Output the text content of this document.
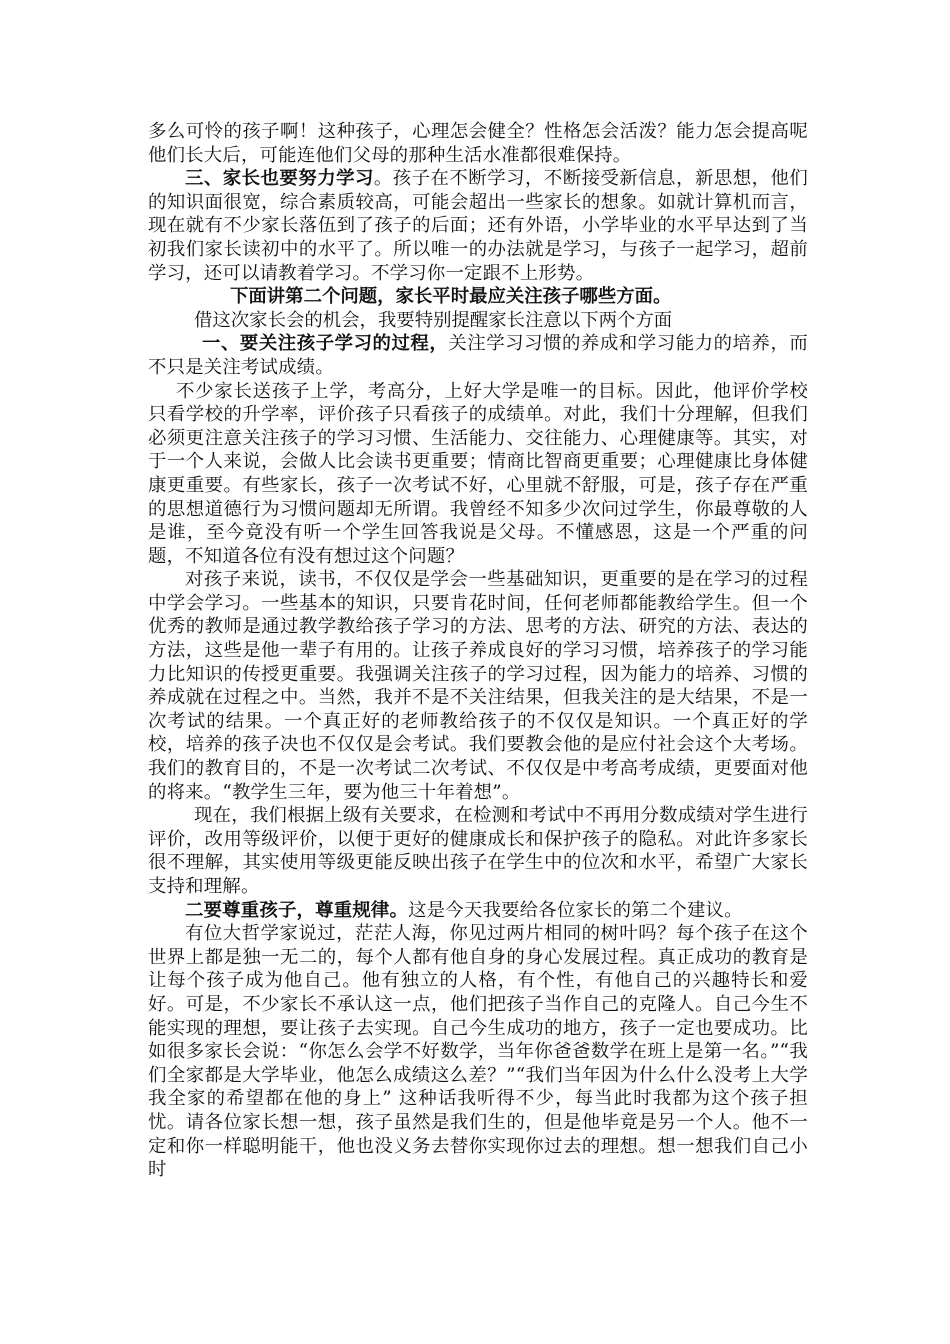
多么可怜的孩子啊！这种孩子，心理怎会健全？性格怎会活泼？能力怎会提高呢他们长大后，可能连他们父母的那种生活水准都很难保持。

三、家长也要努力学习。孩子在不断学习，不断接受新信息，新思想，他们的知识面很宽，综合素质较高，可能会超出一些家长的想象。如就计算机而言，现在就有不少家长落伍到了孩子的后面；还有外语，小学毕业的水平早达到了当初我们家长读初中的水平了。所以唯一的办法就是学习，与孩子一起学习，超前学习，还可以请教着学习。不学习你一定跟不上形势。

下面讲第二个问题，家长平时最应关注孩子哪些方面。

借这次家长会的机会，我要特别提醒家长注意以下两个方面

一、要关注孩子学习的过程，关注学习习惯的养成和学习能力的培养，而不只是关注考试成绩。

不少家长送孩子上学，考高分，上好大学是唯一的目标。因此，他评价学校只看学校的升学率，评价孩子只看孩子的成绩单。对此，我们十分理解，但我们必须更注意关注孩子的学习习惯、生活能力、交往能力、心理健康等。其实，对于一个人来说，会做人比会读书更重要；情商比智商更重要；心理健康比身体健康更重要。有些家长，孩子一次考试不好，心里就不舒服，可是，孩子存在严重的思想道德行为习惯问题却无所谓。我曾经不知多少次问过学生，你最尊敬的人是谁，至今竟没有听一个学生回答我说是父母。不懂感恩，这是一个严重的问题，不知道各位有没有想过这个问题？

对孩子来说，读书，不仅仅是学会一些基础知识，更重要的是在学习的过程中学会学习。一些基本的知识，只要肯花时间，任何老师都能教给学生。但一个优秀的教师是通过教学教给孩子学习的方法、思考的方法、研究的方法、表达的方法，这些是他一辈子有用的。让孩子养成良好的学习习惯，培养孩子的学习能力比知识的传授更重要。我强调关注孩子的学习过程，因为能力的培养、习惯的养成就在过程之中。当然，我并不是不关注结果，但我关注的是大结果，不是一次考试的结果。一个真正好的老师教给孩子的不仅仅是知识。一个真正好的学校，培养的孩子决也不仅仅是会考试。我们要教会他的是应付社会这个大考场。我们的教育目的，不是一次考试二次考试、不仅仅是中考高考成绩，更要面对他的将来。“教学生三年，要为他三十年着想”。

现在，我们根据上级有关要求，在检测和考试中不再用分数成绩对学生进行评价，改用等级评价，以便于更好的健康成长和保护孩子的隐私。对此许多家长很不理解，其实使用等级更能反映出孩子在学生中的位次和水平，希望广大家长支持和理解。

二要尊重孩子，尊重规律。这是今天我要给各位家长的第二个建议。

有位大哲学家说过，茫茫人海，你见过两片相同的树叶吗？每个孩子在这个世界上都是独一无二的，每个人都有他自身的身心发展过程。真正成功的教育是让每个孩子成为他自己。他有独立的人格，有个性，有他自己的兴趣特长和爱好。可是，不少家长不承认这一点，他们把孩子当作自己的克隆人。自己今生不能实现的理想，要让孩子去实现。自己今生成功的地方，孩子一定也要成功。比如很多家长会说：“你怎么会学不好数学，当年你爸爸数学在班上是第一名。”“我们全家都是大学毕业，他怎么成绩这么差？”“我们当年因为什么什么没考上大学我全家的希望都在他的身上” 这种话我听得不少，每当此时我都为这个孩子担忧。请各位家长想一想，孩子虽然是我们生的，但是他毕竟是另一个人。他不一定和你一样聪明能干，他也没义务去替你实现你过去的理想。想一想我们自己小时
